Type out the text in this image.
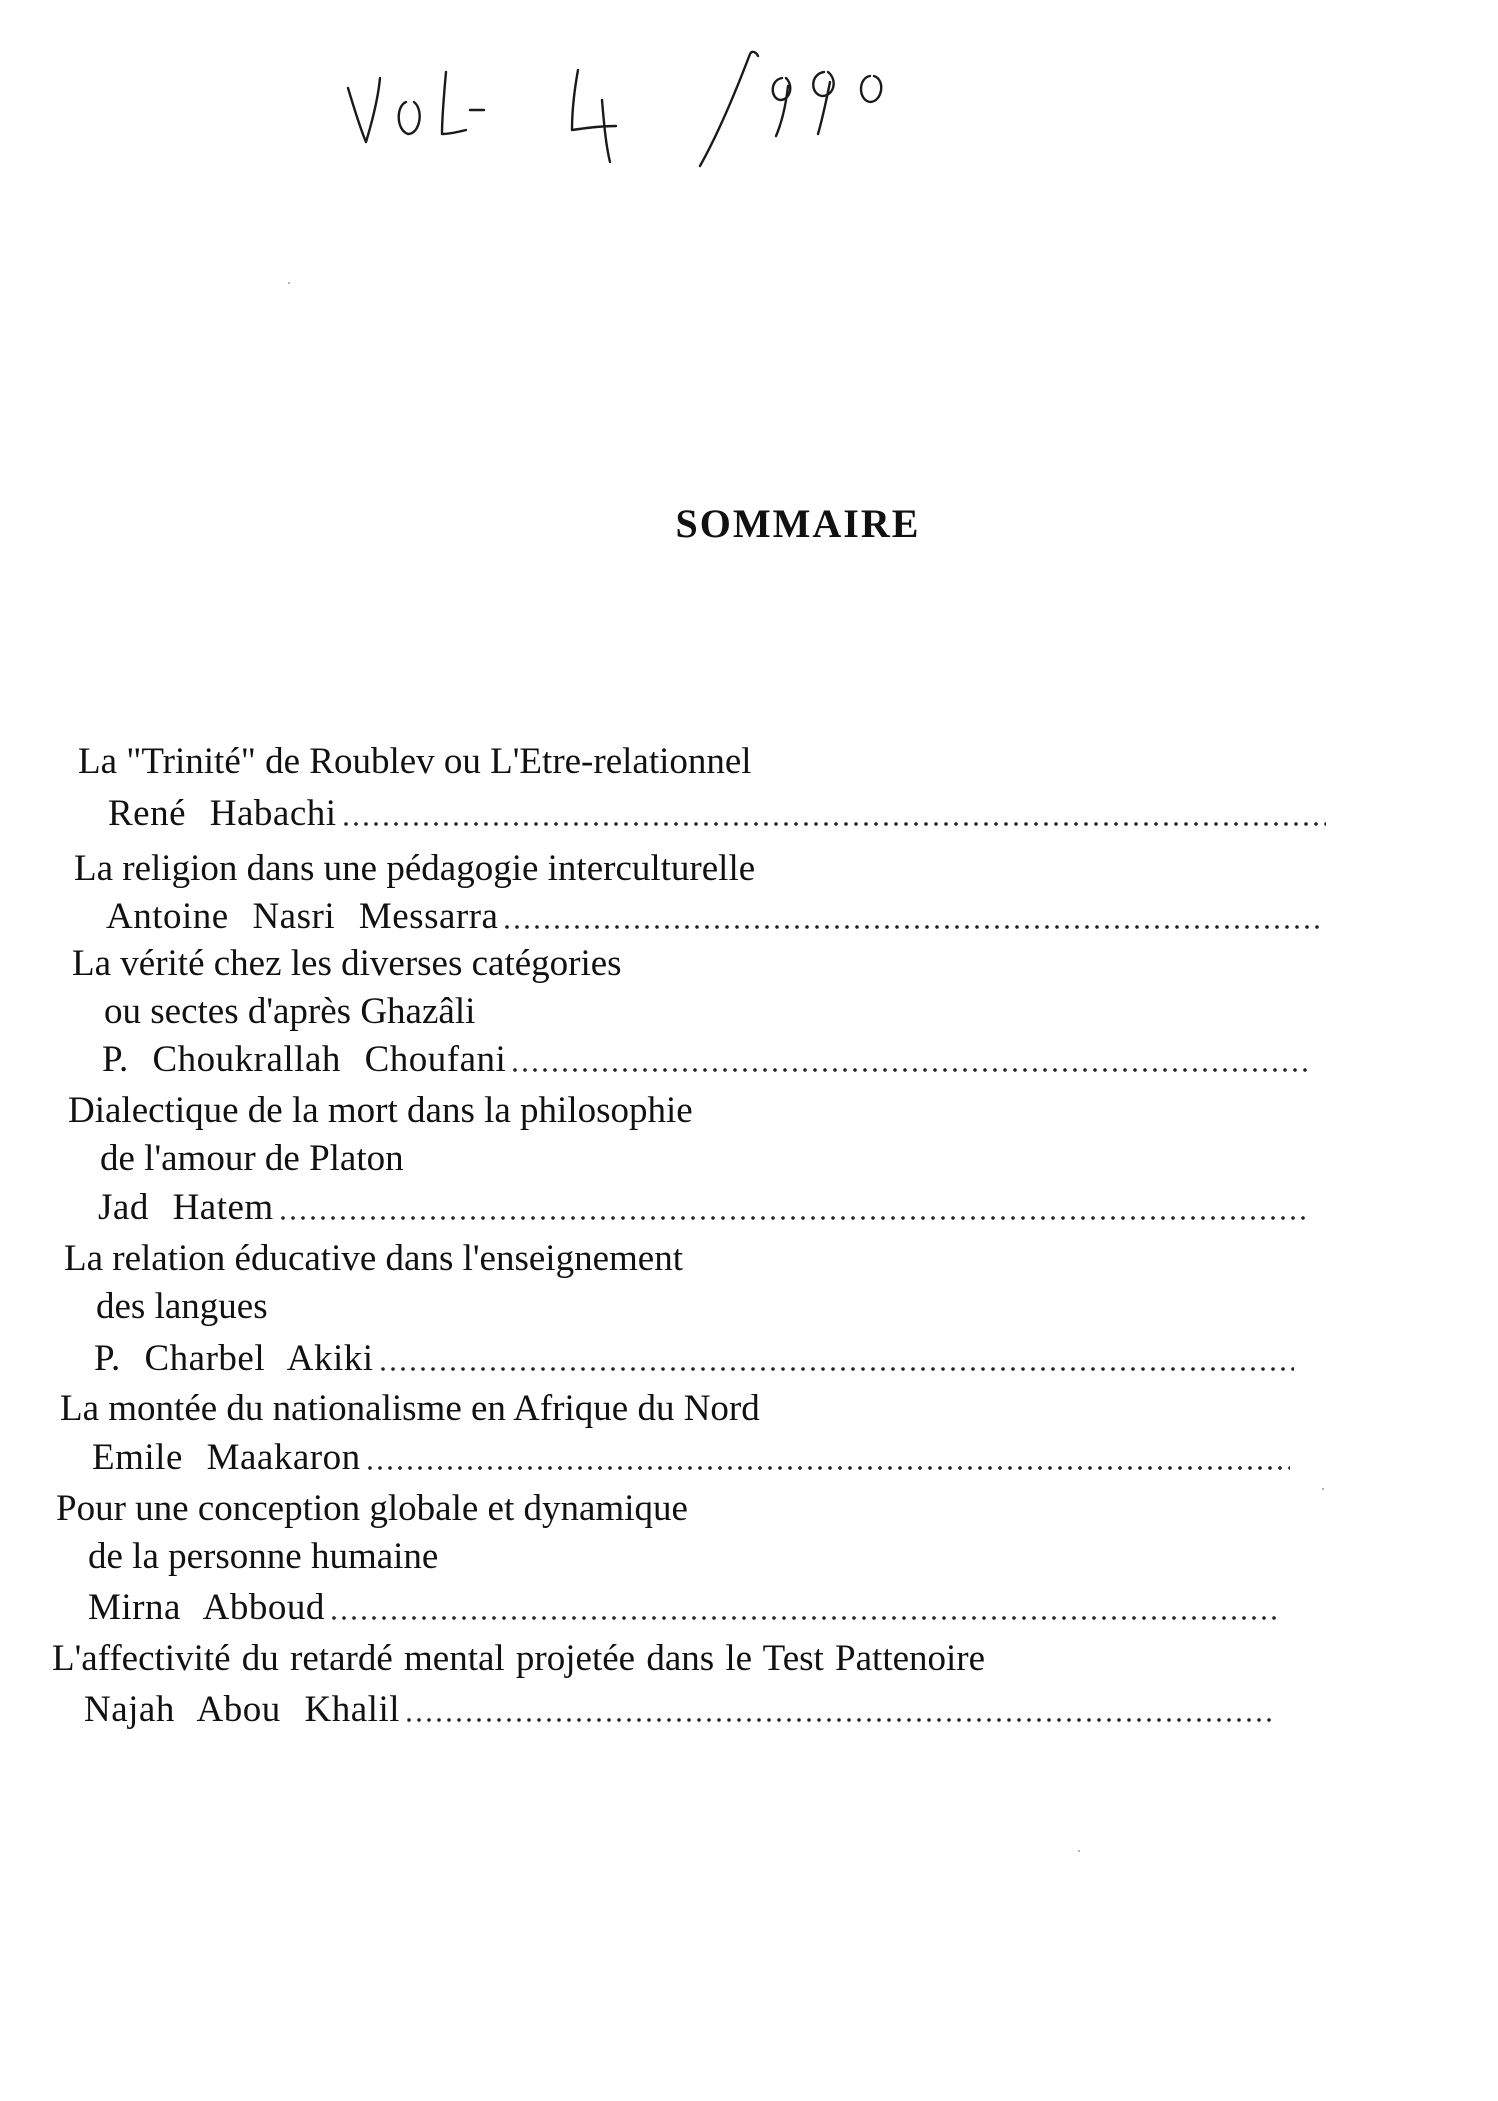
SOMMAIRE
La "Trinité" de Roublev ou L'Etre-relationnel
René Habachi
La religion dans une pédagogie interculturelle
Antoine Nasri Messarra
La vérité chez les diverses catégories
ou sectes d'après Ghazâli
P. Choukrallah Choufani
Dialectique de la mort dans la philosophie
de l'amour de Platon
Jad Hatem
La relation éducative dans l'enseignement
des langues
P. Charbel Akiki
La montée du nationalisme en Afrique du Nord
Emile Maakaron
Pour une conception globale et dynamique
de la personne humaine
Mirna Abboud
L'affectivité du retardé mental projetée dans le Test Pattenoire
Najah Abou Khalil
